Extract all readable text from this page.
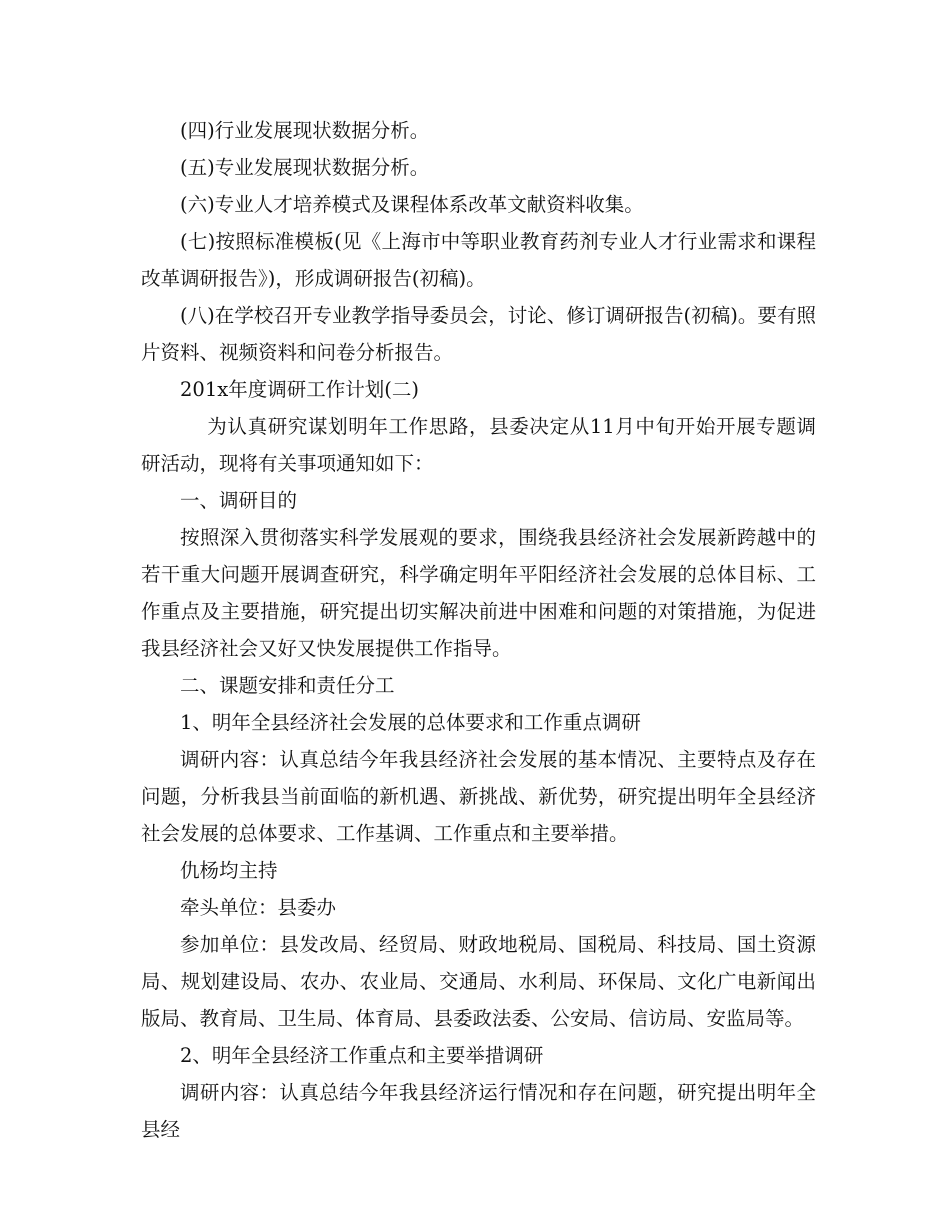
(四)行业发展现状数据分析。

(五)专业发展现状数据分析。

(六)专业人才培养模式及课程体系改革文献资料收集。

(七)按照标准模板(见《上海市中等职业教育药剂专业人才行业需求和课程改革调研报告》)，形成调研报告(初稿)。

(八)在学校召开专业教学指导委员会，讨论、修订调研报告(初稿)。要有照片资料、视频资料和问卷分析报告。

201x年度调研工作计划(二)

为认真研究谋划明年工作思路，县委决定从11月中旬开始开展专题调研活动，现将有关事项通知如下：

一、调研目的

按照深入贯彻落实科学发展观的要求，围绕我县经济社会发展新跨越中的若干重大问题开展调查研究，科学确定明年平阳经济社会发展的总体目标、工作重点及主要措施，研究提出切实解决前进中困难和问题的对策措施，为促进我县经济社会又好又快发展提供工作指导。

二、课题安排和责任分工

1、明年全县经济社会发展的总体要求和工作重点调研

调研内容：认真总结今年我县经济社会发展的基本情况、主要特点及存在问题，分析我县当前面临的新机遇、新挑战、新优势，研究提出明年全县经济社会发展的总体要求、工作基调、工作重点和主要举措。

仇杨均主持

牵头单位：县委办

参加单位：县发改局、经贸局、财政地税局、国税局、科技局、国土资源局、规划建设局、农办、农业局、交通局、水利局、环保局、文化广电新闻出版局、教育局、卫生局、体育局、县委政法委、公安局、信访局、安监局等。

2、明年全县经济工作重点和主要举措调研

调研内容：认真总结今年我县经济运行情况和存在问题，研究提出明年全县经
